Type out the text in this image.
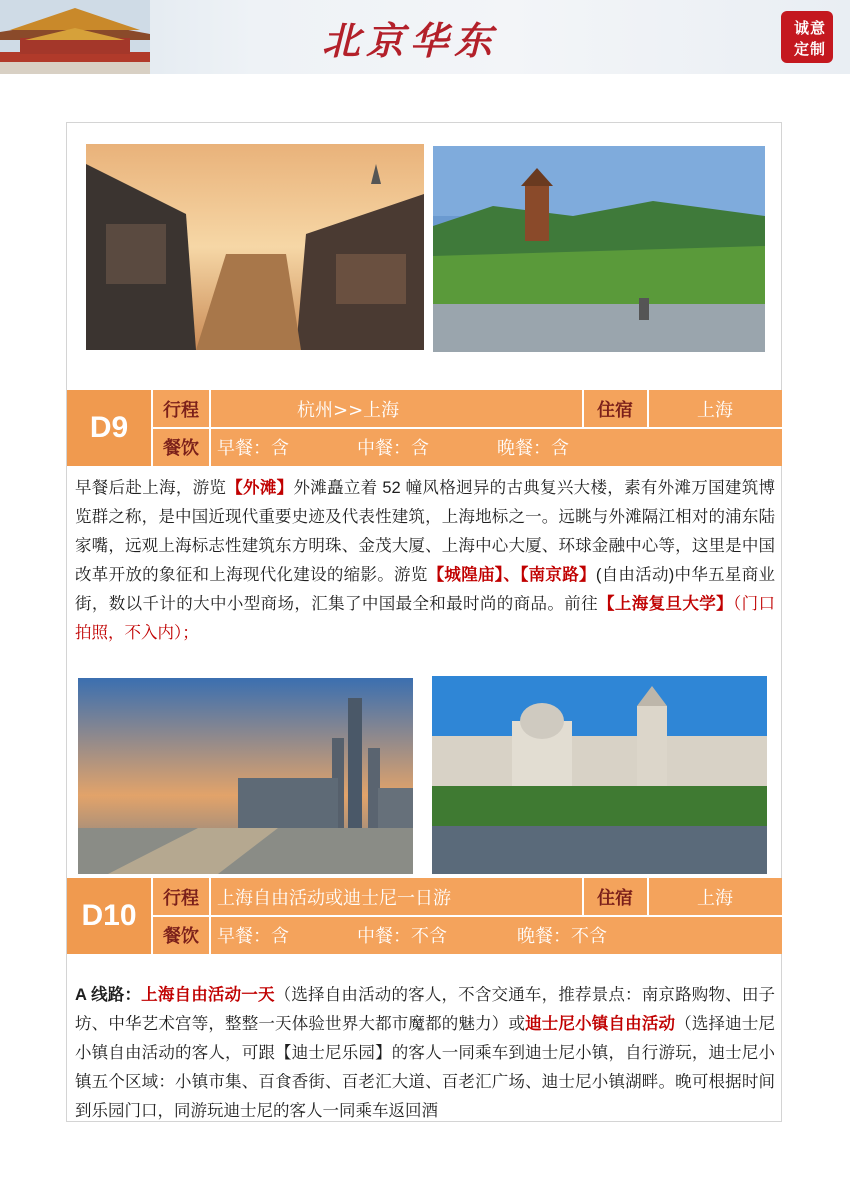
北京华东	诚 意
定 制
D9
行程	杭州>>上海	住宿	上海
餐饮	早餐：含	中餐：含	晚餐：含

早餐后赴上海，游览【外滩】外滩矗立着 52 幢风格迥异的古典复兴大楼，素有外滩万国建筑博览群之称，是中国近现代重要史迹及代表性建筑，上海地标之一。远眺与外滩隔江相对的浦东陆家嘴，远观上海标志性建筑东方明珠、金茂大厦、上海中心大厦、环球金融中心等，这里是中国改革开放的象征和上海现代化建设的缩影。游览【城隍庙】、【南京路】(自由活动)中华五星商业街，数以千计的大中小型商场，汇集了中国最全和最时尚的商品。前往【上海复旦大学】（门口拍照，不入内）；

D10
行程	上海自由活动或迪士尼一日游	住宿	上海
餐饮	早餐：含	中餐：不含	晚餐：不含

A 线路：上海自由活动一天（选择自由活动的客人，不含交通车，推荐景点：南京路购物、田子坊、中华艺术宫等，整整一天体验世界大都市魔都的魅力）或迪士尼小镇自由活动（选择迪士尼小镇自由活动的客人，可跟【迪士尼乐园】的客人一同乘车到迪士尼小镇，自行游玩，迪士尼小镇五个区域：小镇市集、百食香街、百老汇大道、百老汇广场、迪士尼小镇湖畔。晚可根据时间到乐园门口，同游玩迪士尼的客人一同乘车返回酒
